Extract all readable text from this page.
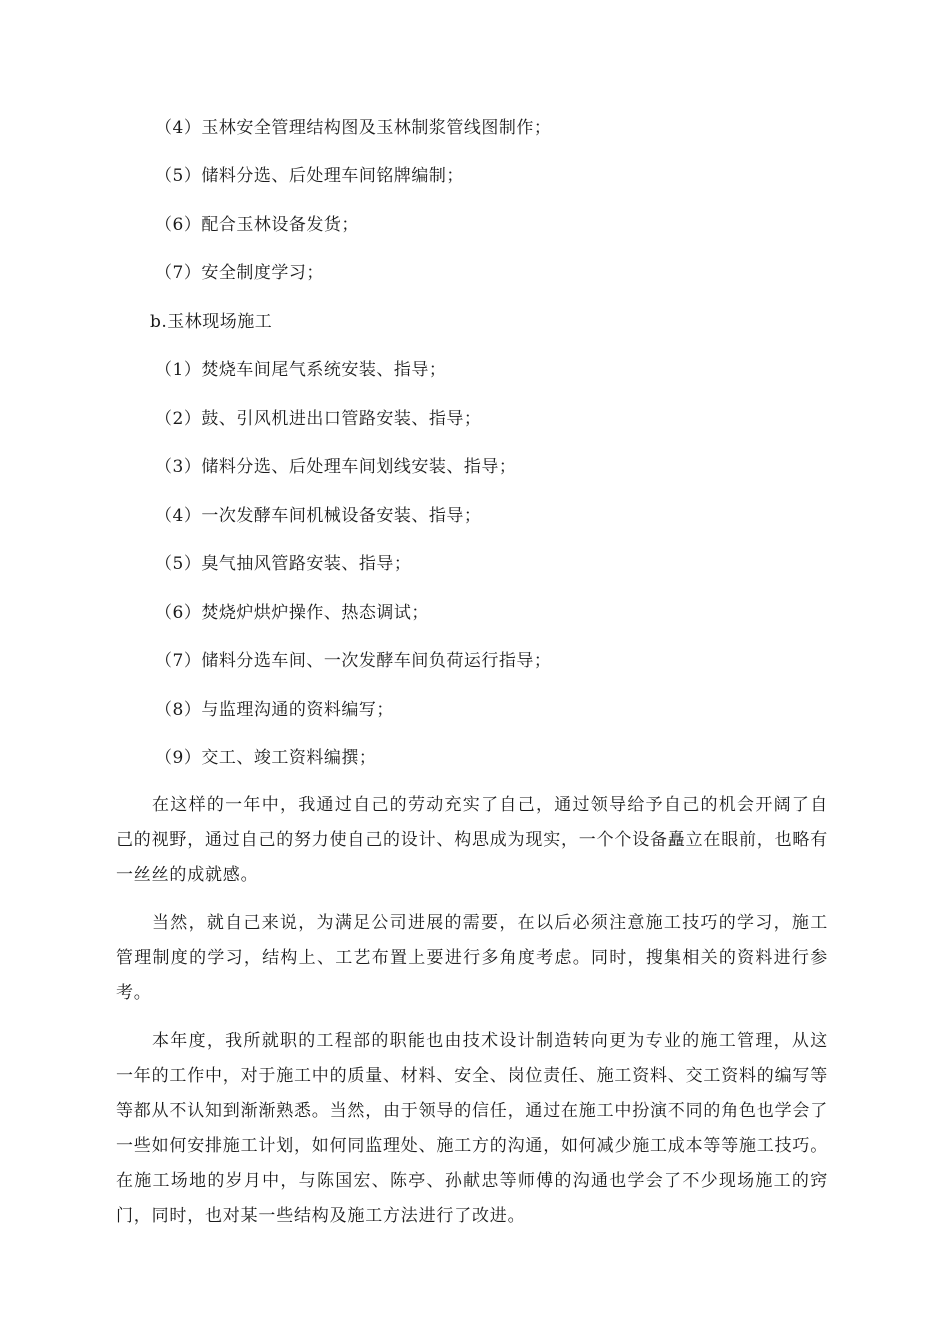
（4）玉林安全管理结构图及玉林制浆管线图制作；
（5）储料分选、后处理车间铭牌编制；
（6）配合玉林设备发货；
（7）安全制度学习；
b.玉林现场施工
（1）焚烧车间尾气系统安装、指导；
（2）鼓、引风机进出口管路安装、指导；
（3）储料分选、后处理车间划线安装、指导；
（4）一次发酵车间机械设备安装、指导；
（5）臭气抽风管路安装、指导；
（6）焚烧炉烘炉操作、热态调试；
（7）储料分选车间、一次发酵车间负荷运行指导；
（8）与监理沟通的资料编写；
（9）交工、竣工资料编撰；

在这样的一年中，我通过自己的劳动充实了自己，通过领导给予自己的机会开阔了自己的视野，通过自己的努力使自己的设计、构思成为现实，一个个设备矗立在眼前，也略有一丝丝的成就感。

当然，就自己来说，为满足公司进展的需要，在以后必须注意施工技巧的学习，施工管理制度的学习，结构上、工艺布置上要进行多角度考虑。同时，搜集相关的资料进行参考。

本年度，我所就职的工程部的职能也由技术设计制造转向更为专业的施工管理，从这一年的工作中，对于施工中的质量、材料、安全、岗位责任、施工资料、交工资料的编写等等都从不认知到渐渐熟悉。当然，由于领导的信任，通过在施工中扮演不同的角色也学会了一些如何安排施工计划，如何同监理处、施工方的沟通，如何减少施工成本等等施工技巧。在施工场地的岁月中，与陈国宏、陈亭、孙献忠等师傅的沟通也学会了不少现场施工的窍门，同时，也对某一些结构及施工方法进行了改进。
